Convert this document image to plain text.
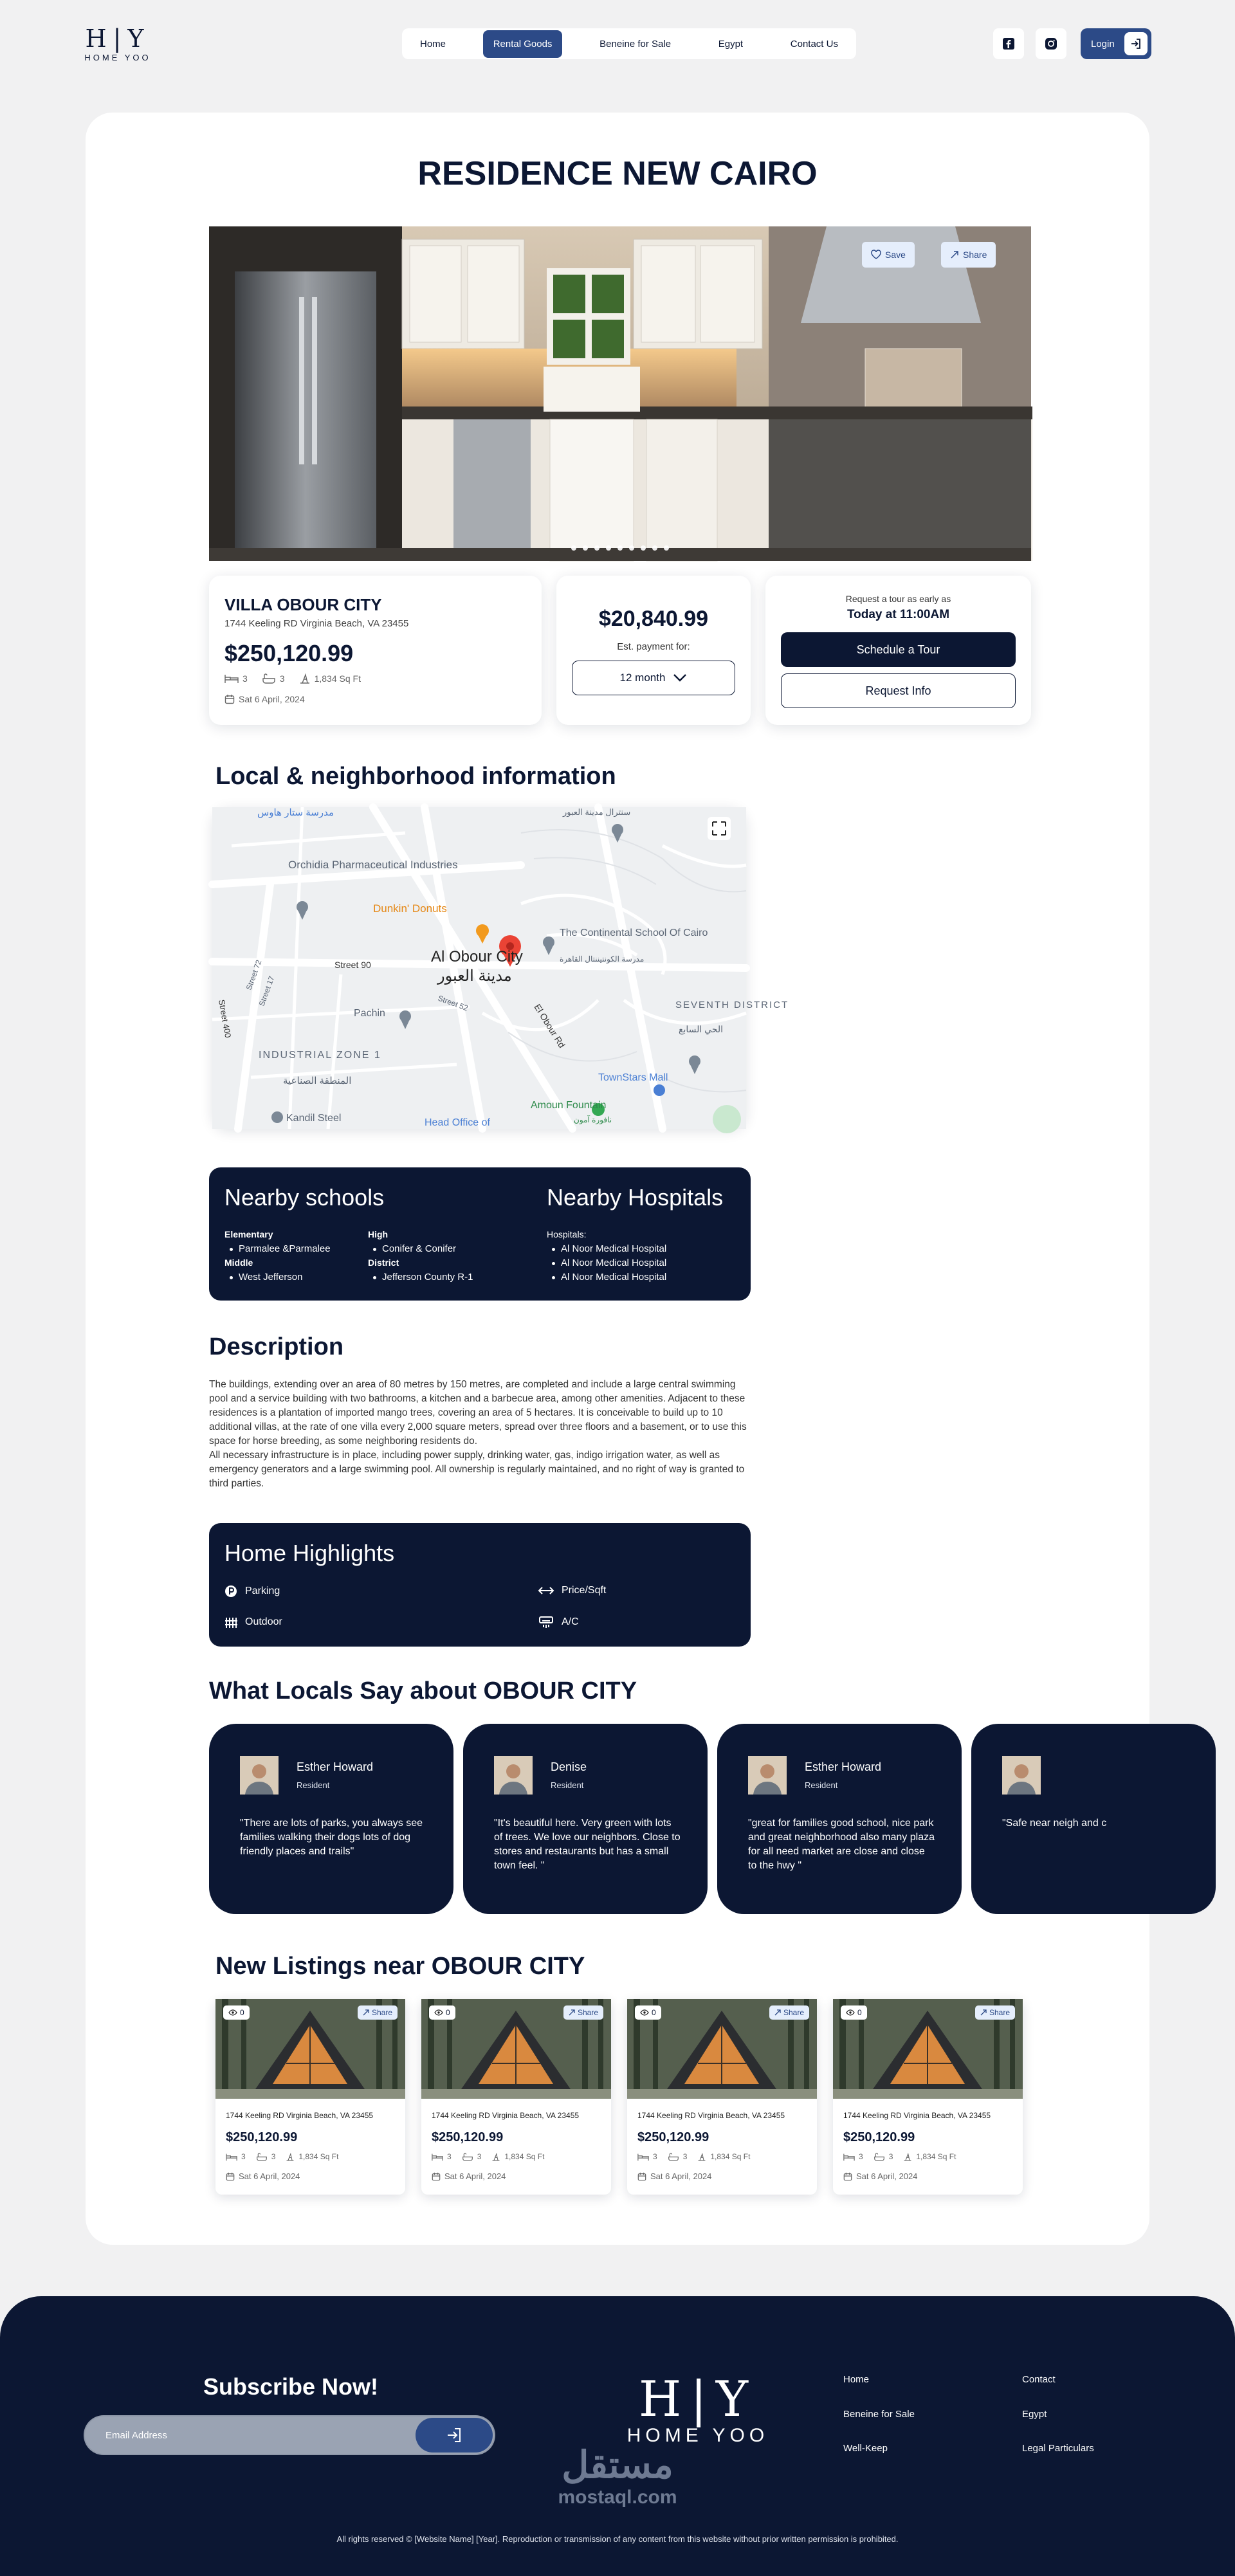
H|Y
HOME YOO
Home	Rental Goods	Beneine for Sale	Egypt	Contact Us	Login
RESIDENCE NEW CAIRO
Save	Share
VILLA OBOUR CITY
1744 Keeling RD Virginia Beach, VA 23455
$250,120.99
3	3	1,834 Sq Ft
Sat 6 April, 2024
$20,840.99
Est. payment for:
12 month
Request a tour as early as
Today at 11:00AM
Schedule a Tour
Request Info
Local & neighborhood information
مدرسة ستار هاوس	سنترال مدينة العبور
Orchidia Pharmaceutical Industries
Dunkin' Donuts
The Continental School Of Cairo
مدرسة الكونتيننتال القاهرة
Street 90
Pachin
INDUSTRIAL ZONE 1
المنطقة الصناعية
SEVENTH DISTRICT
الحي السابع
TownStars Mall
Amoun Fountain
نافورة آمون
Kandil Steel	Head Office of
El Obour Rd
Street 400	Street 52
Street 72
Street 17
Al Obour City
مدينة العبور
Nearby schools
Elementary
Parmalee &Parmalee
Middle
West Jefferson
High
Conifer & Conifer
District
Jefferson County R-1
Nearby Hospitals
Hospitals:
Al Noor Medical Hospital
Al Noor Medical Hospital
Al Noor Medical Hospital
Description

The buildings, extending over an area of 80 metres by 150 metres, are completed and include a large central swimming pool and a service building with two bathrooms, a kitchen and a barbecue area, among other amenities. Adjacent to these residences is a plantation of imported mango trees, covering an area of 5 hectares. It is conceivable to build up to 10 additional villas, at the rate of one villa every 2,000 square meters, spread over three floors and a basement, or to use this space for horse breeding, as some neighboring residents do.
All necessary infrastructure is in place, including power supply, drinking water, gas, indigo irrigation water, as well as emergency generators and a large swimming pool. All ownership is regularly maintained, and no right of way is granted to third parties.

Home Highlights
Parking	Price/Sqft
Outdoor	A/C
What Locals Say about OBOUR CITY
Esther Howard
Resident
"There are lots of parks, you always see families walking their dogs lots of dog friendly places and trails"
Denise
Resident
"It's beautiful here. Very green with lots of trees. We love our neighbors. Close to stores and restaurants but has a small town feel. "
Esther Howard
Resident
"great for families good school, nice park and great neighborhood also many plaza for all need market are close and close to the hwy "
"Safe near neigh and c
New Listings near OBOUR CITY
0	Share
1744 Keeling RD Virginia Beach, VA 23455
$250,120.99
3	3	1,834 Sq Ft
Sat 6 April, 2024
0	Share
1744 Keeling RD Virginia Beach, VA 23455
$250,120.99
3	3	1,834 Sq Ft
Sat 6 April, 2024
0	Share
1744 Keeling RD Virginia Beach, VA 23455
$250,120.99
3	3	1,834 Sq Ft
Sat 6 April, 2024
0	Share
1744 Keeling RD Virginia Beach, VA 23455
$250,120.99
3	3	1,834 Sq Ft
Sat 6 April, 2024
Subscribe Now!
Email Address
H|Y
HOME YOO
Home
Beneine for Sale
Well-Keep
Contact
Egypt
Legal Particulars
مستقل
mostaql.com

All rights reserved © [Website Name] [Year]. Reproduction or transmission of any content from this website without prior written permission is prohibited.
